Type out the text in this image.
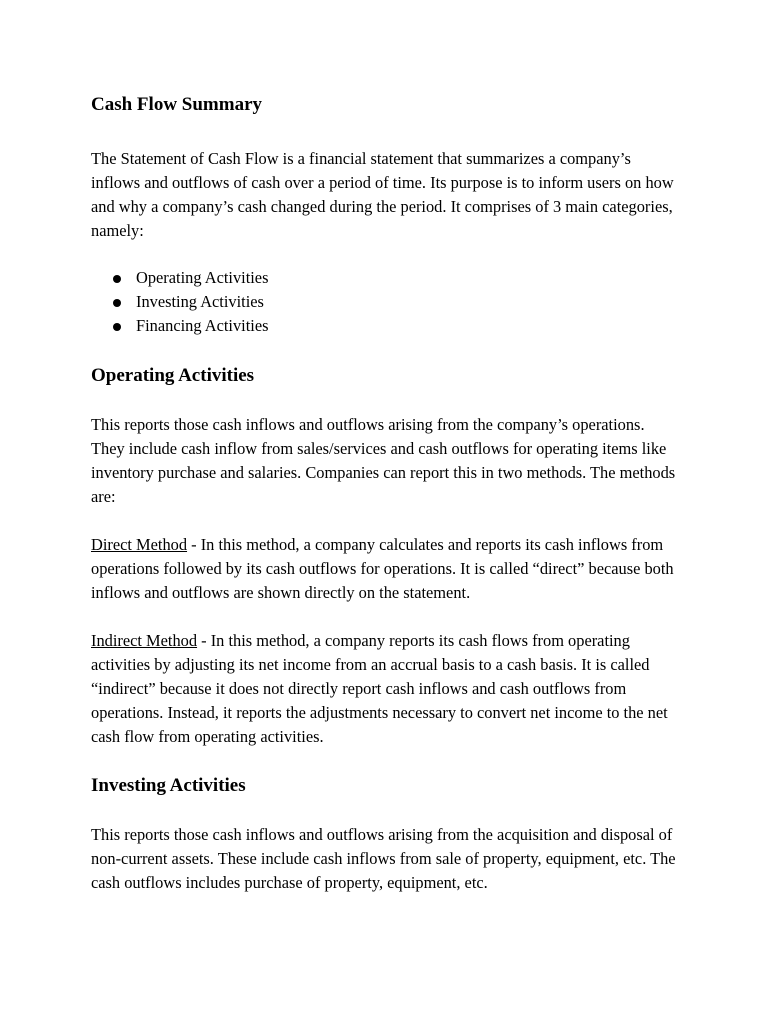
Cash Flow Summary

The Statement of Cash Flow is a financial statement that summarizes a company’s inflows and outflows of cash over a period of time. Its purpose is to inform users on how and why a company’s cash changed during the period. It comprises of 3 main categories, namely:

Operating Activities
Investing Activities
Financing Activities
Operating Activities

This reports those cash inflows and outflows arising from the company’s operations. They include cash inflow from sales/services and cash outflows for operating items like inventory purchase and salaries. Companies can report this in two methods. The methods are:

Direct Method - In this method, a company calculates and reports its cash inflows from operations followed by its cash outflows for operations. It is called “direct” because both inflows and outflows are shown directly on the statement.

Indirect Method - In this method, a company reports its cash flows from operating activities by adjusting its net income from an accrual basis to a cash basis. It is called “indirect” because it does not directly report cash inflows and cash outflows from operations. Instead, it reports the adjustments necessary to convert net income to the net cash flow from operating activities.

Investing Activities

This reports those cash inflows and outflows arising from the acquisition and disposal of non-current assets. These include cash inflows from sale of property, equipment, etc. The cash outflows includes purchase of property, equipment, etc.
